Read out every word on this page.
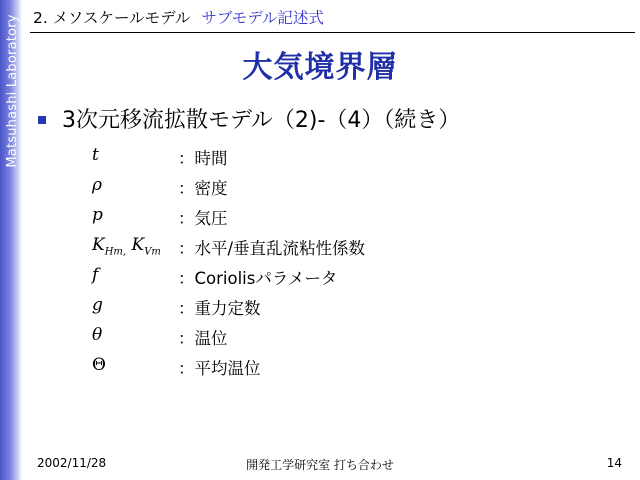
Matsuhashi Laboratory 2. メソスケールモデル サブモデル記述式
大気境界層
3次元移流拡散モデル（2)-（4）（続き）
t	：時間
ρ	：密度
p	：気圧
$K_{Hm,}$ $K_{Vm}$ ：水平/垂直乱流粘性係数
f	：Coriolisパラメータ
g	：重力定数
θ	：温位
Θ	：平均温位
2002/11/28	開発工学研究室 打ち合わせ	14
